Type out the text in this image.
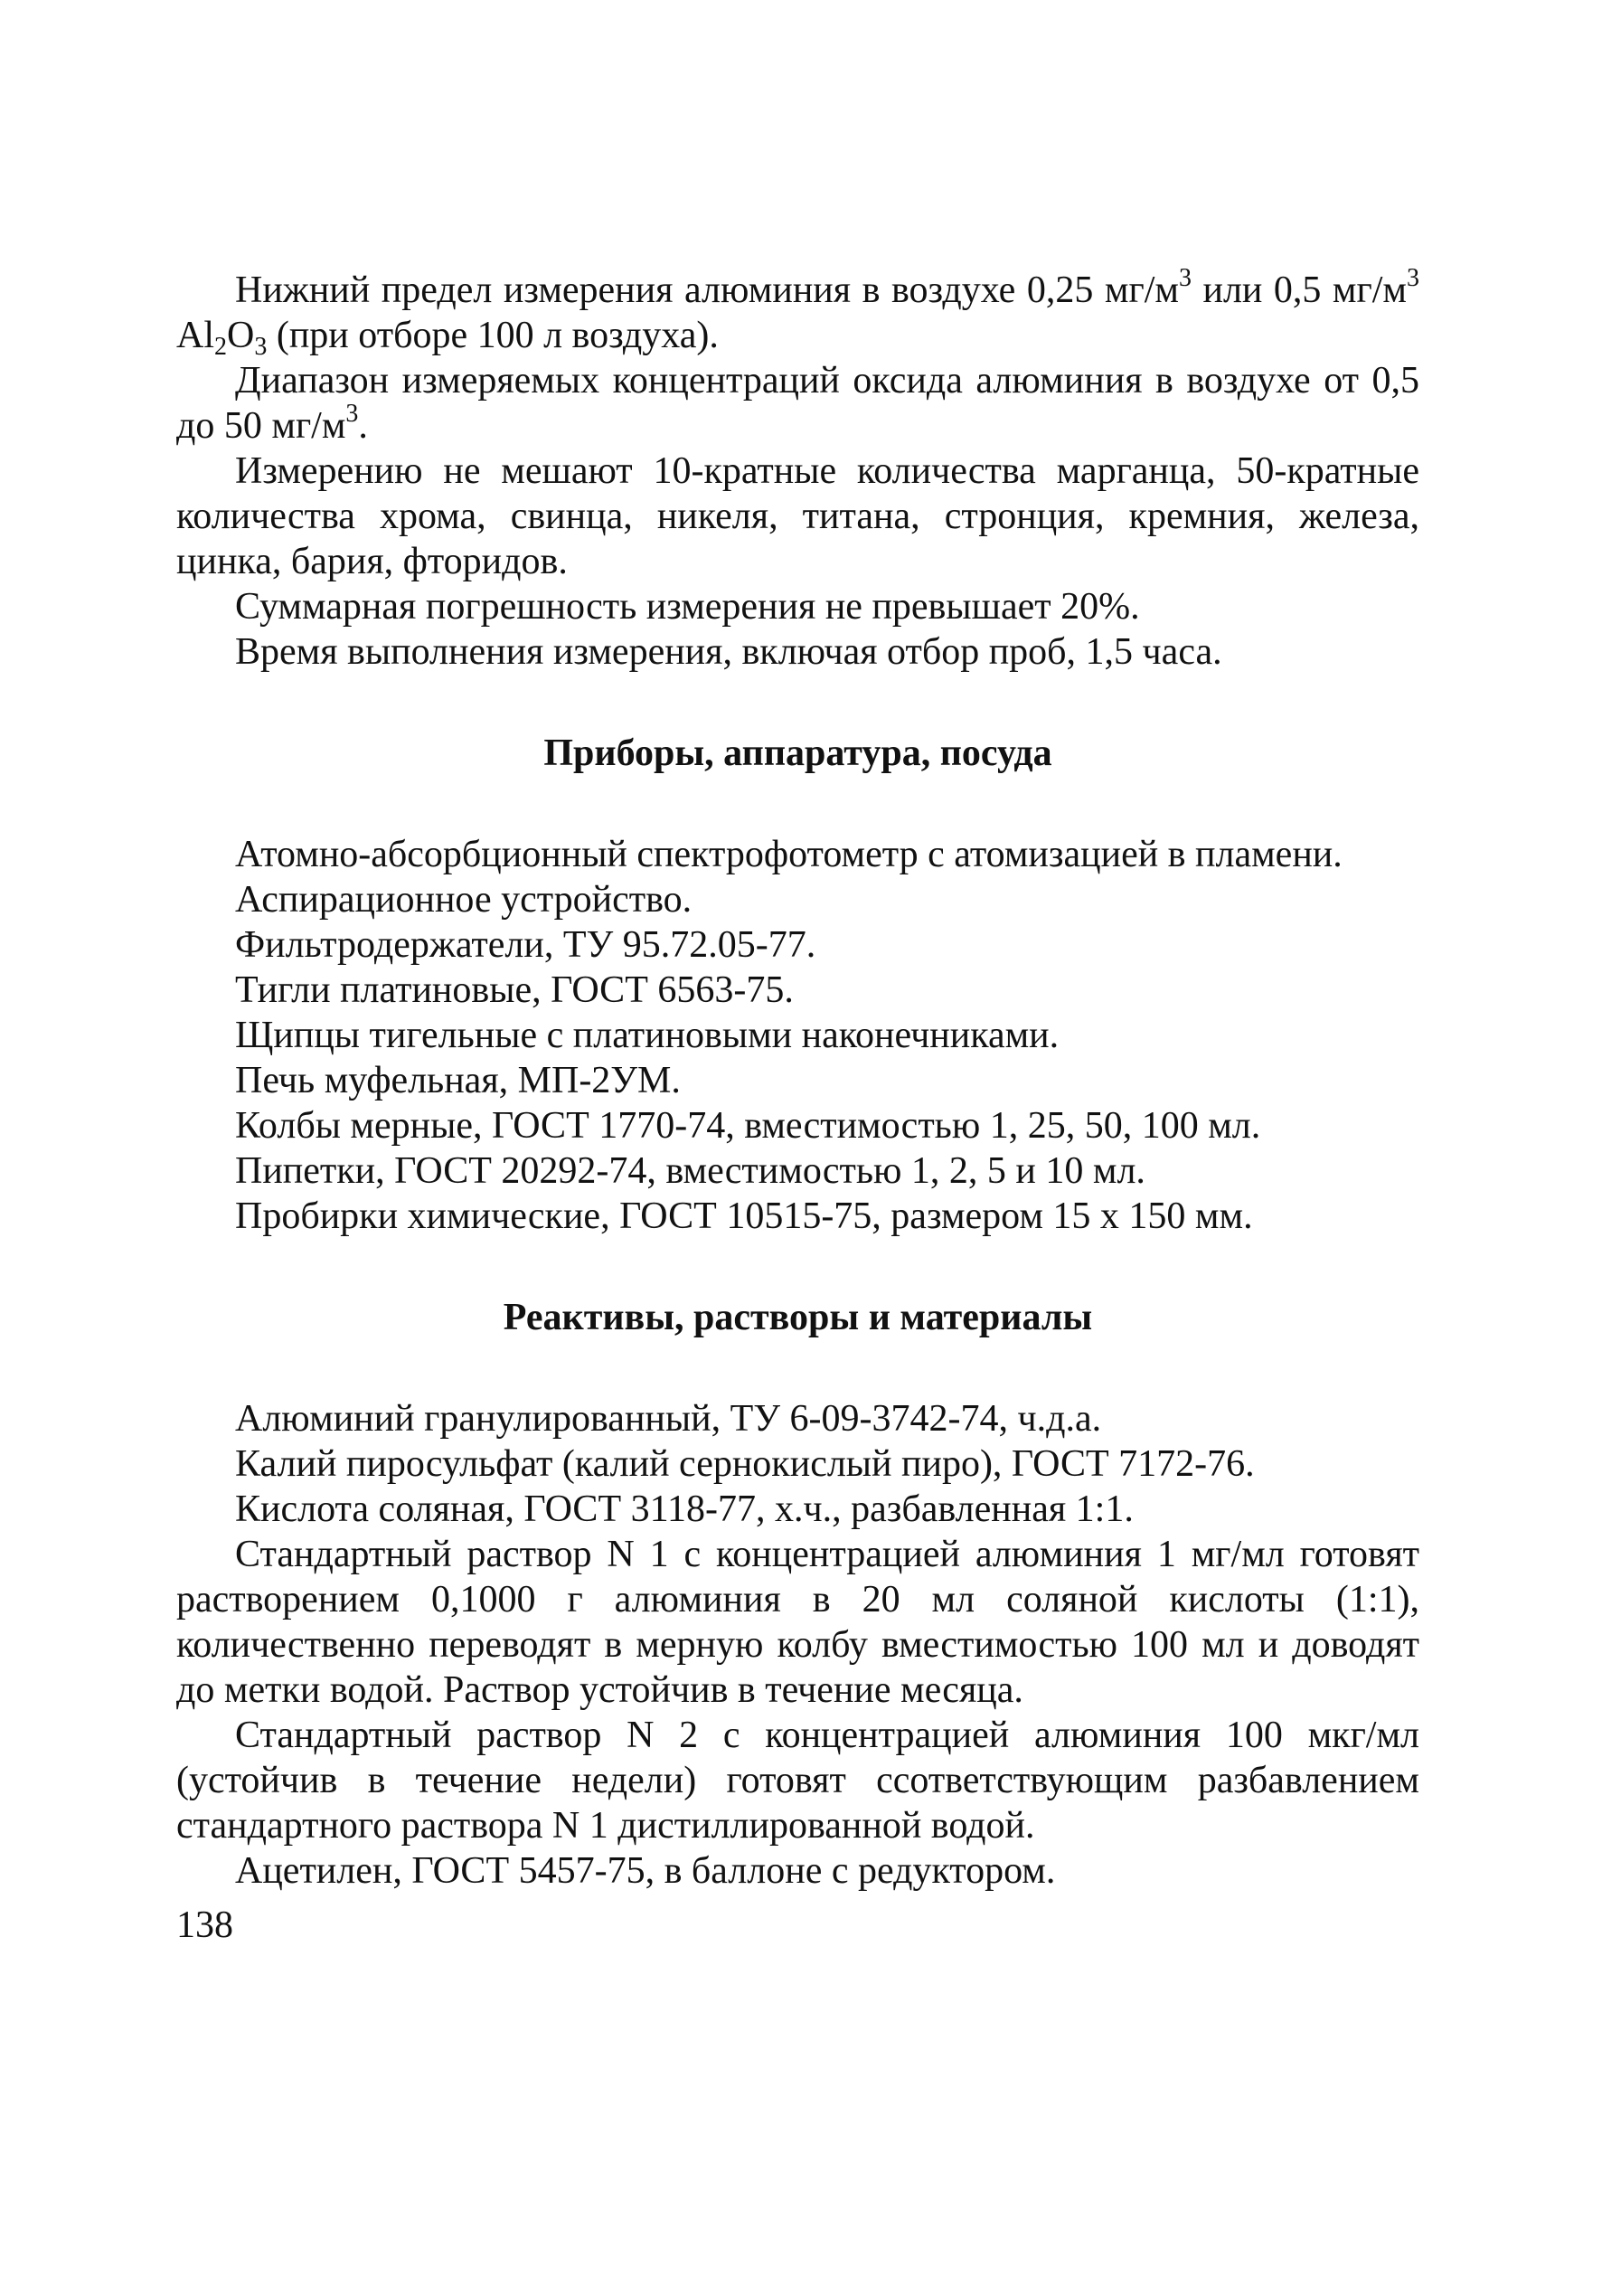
Нижний предел измерения алюминия в воздухе 0,25 $мг/м^3$ или 0,5 $мг/м^3$ $Al_2O_3$ (при отборе 100 л воздуха).

Диапазон измеряемых концентраций оксида алюминия в воздухе от 0,5 до 50 $мг/м^3$.

Измерению не мешают 10-кратные количества марганца, 50-кратные количества хрома, свинца, никеля, титана, стронция, кремния, железа, цинка, бария, фторидов.

Суммарная погрешность измерения не превышает 20%.

Время выполнения измерения, включая отбор проб, 1,5 часа.

Приборы, аппаратура, посуда

Атомно-абсорбционный спектрофотометр с атомизацией в пламени.

Аспирационное устройство.

Фильтродержатели, ТУ 95.72.05-77.

Тигли платиновые, ГОСТ 6563-75.

Щипцы тигельные с платиновыми наконечниками.

Печь муфельная, МП-2УМ.

Колбы мерные, ГОСТ 1770-74, вместимостью 1, 25, 50, 100 мл.

Пипетки, ГОСТ 20292-74, вместимостью 1, 2, 5 и 10 мл.

Пробирки химические, ГОСТ 10515-75, размером 15 х 150 мм.

Реактивы, растворы и материалы

Алюминий гранулированный, ТУ 6-09-3742-74, ч.д.а.

Калий пиросульфат (калий сернокислый пиро), ГОСТ 7172-76.

Кислота соляная, ГОСТ 3118-77, х.ч., разбавленная 1:1.

Стандартный раствор N 1 с концентрацией алюминия 1 мг/мл готовят растворением 0,1000 г алюминия в 20 мл соляной кислоты (1:1), количественно переводят в мерную колбу вместимостью 100 мл и доводят до метки водой. Раствор устойчив в течение месяца.

Стандартный раствор N 2 с концентрацией алюминия 100 мкг/мл (устойчив в течение недели) готовят ссответствующим разбавлением стандартного раствора N 1 дистиллированной водой.

Ацетилен, ГОСТ 5457-75, в баллоне с редуктором.

138
